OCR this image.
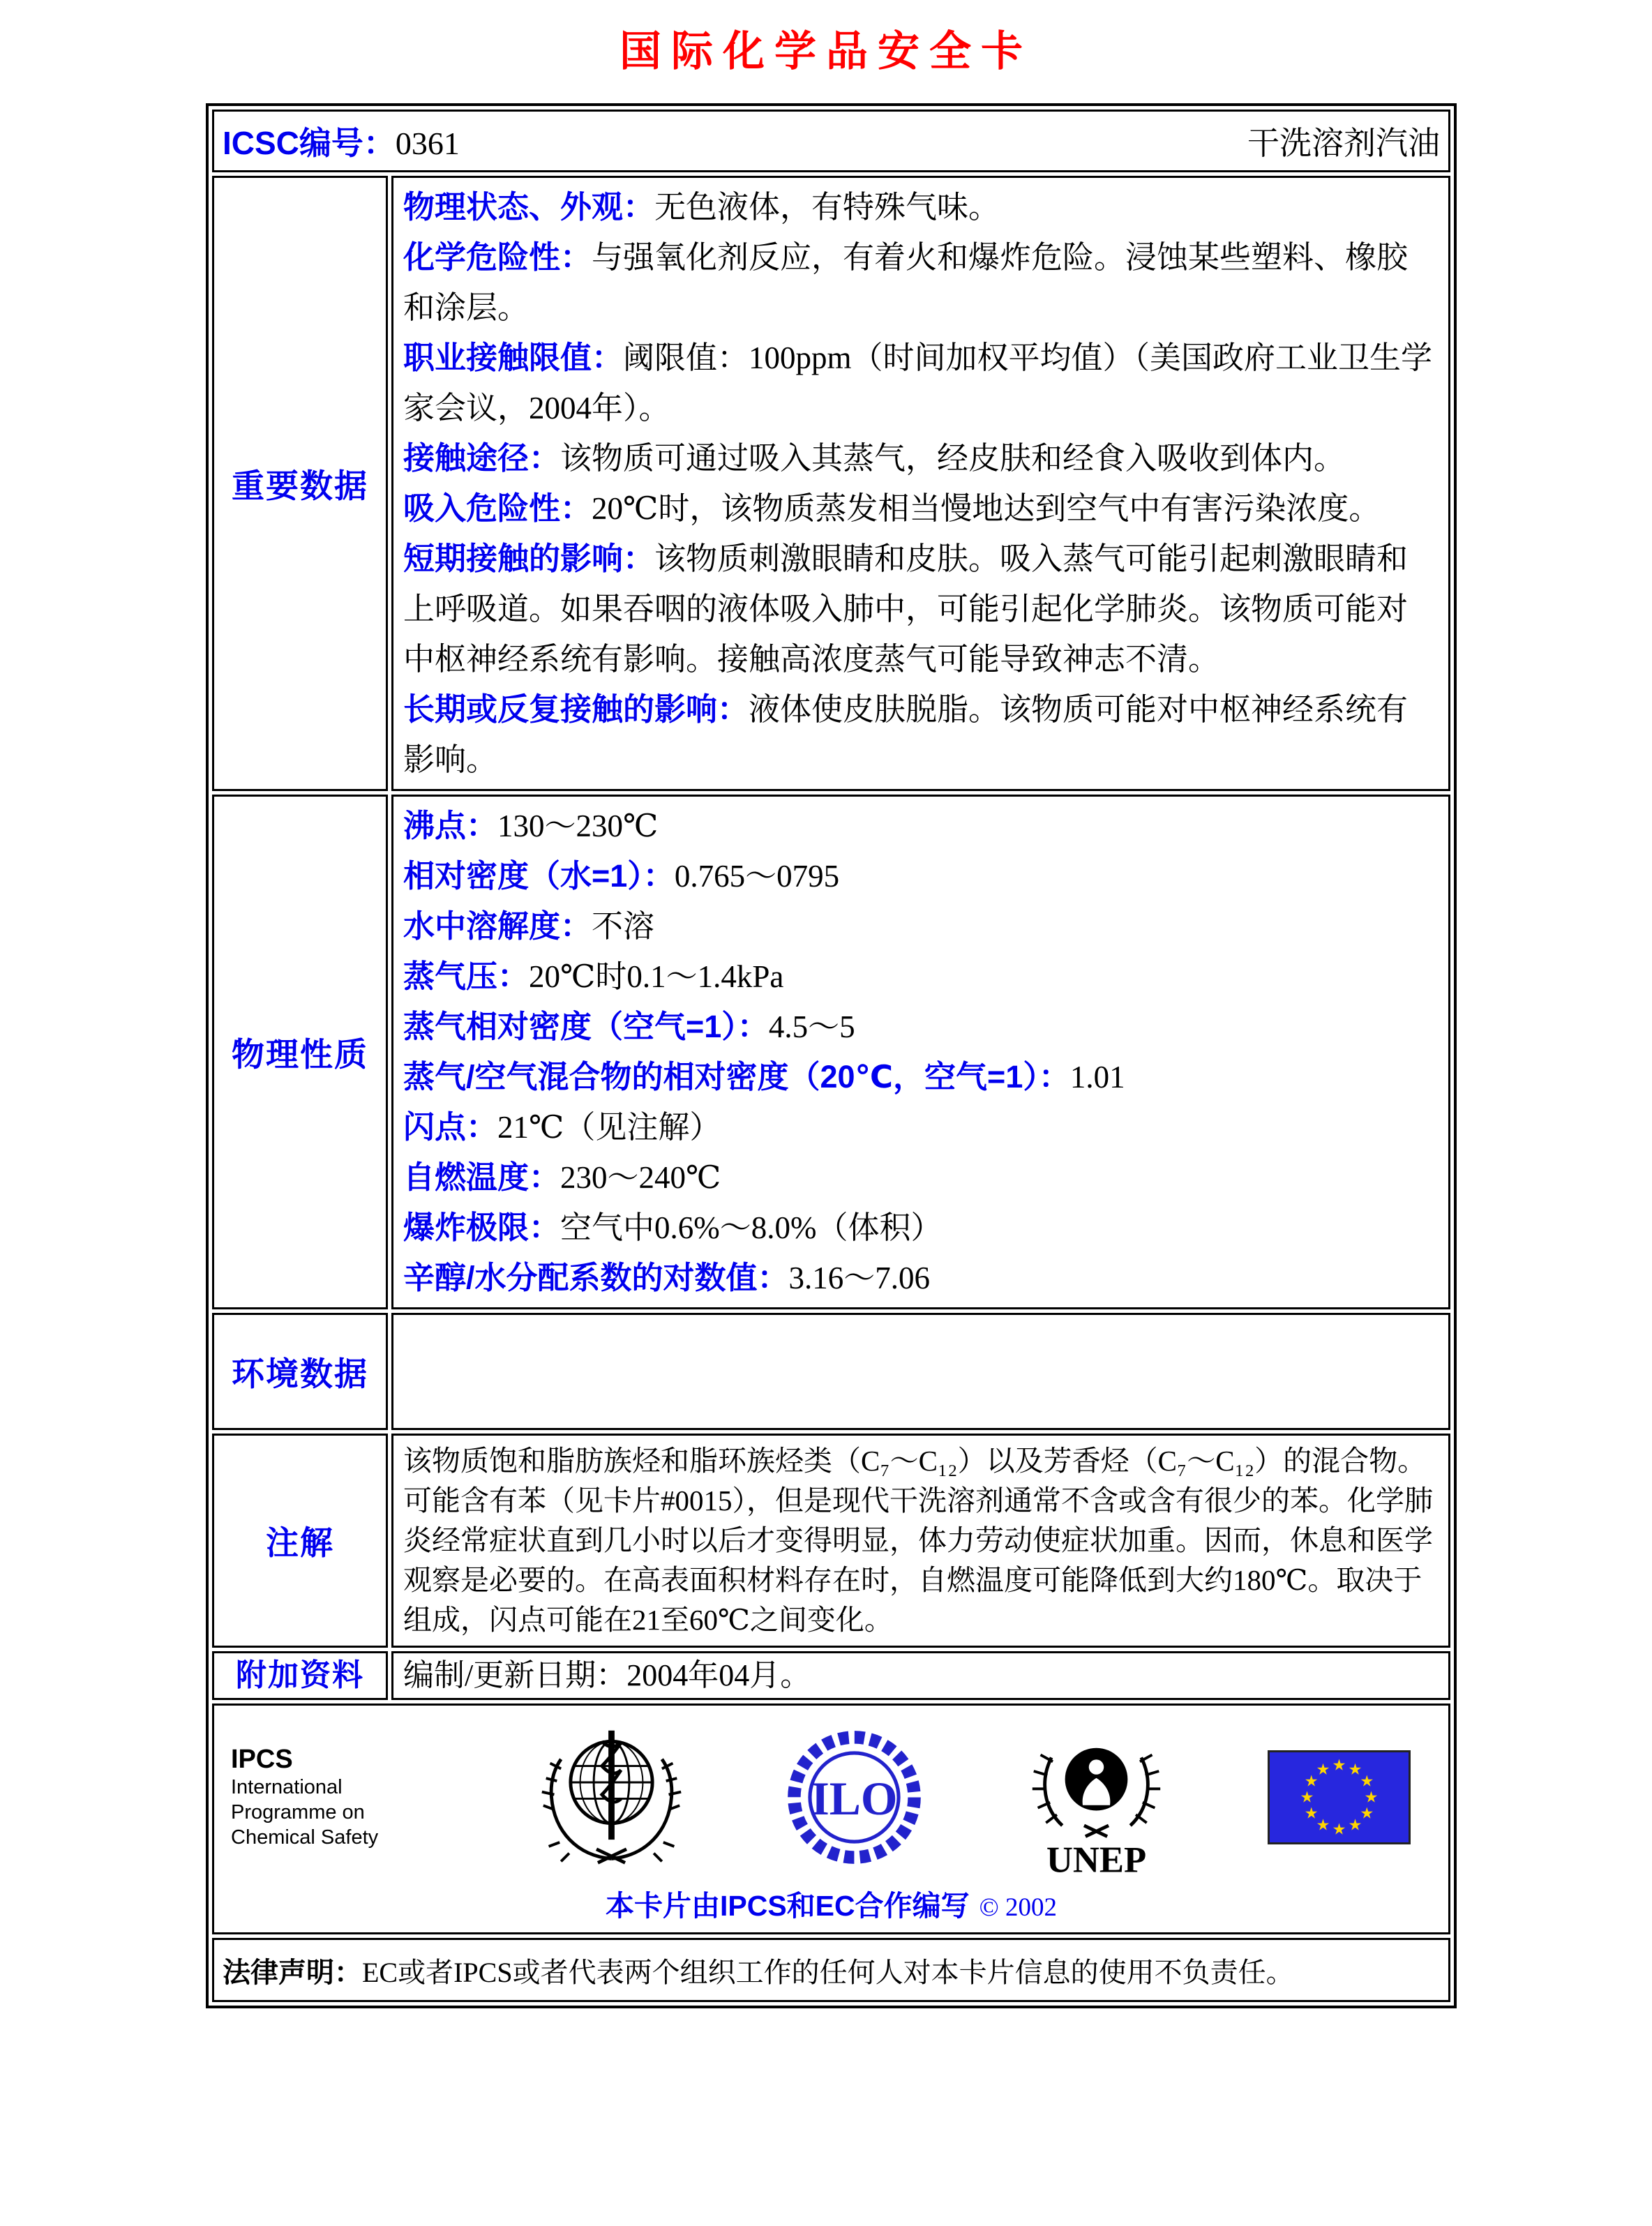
国际化学品安全卡
ICSC编号：0361 干洗溶剂汽油	

重要数据	
物理状态、外观：无色液体，有特殊气味。
化学危险性：与强氧化剂反应，有着火和爆炸危险。浸蚀某些塑料、橡胶和涂层。
职业接触限值：阈限值：100ppm（时间加权平均值）（美国政府工业卫生学家会议，2004年）。
接触途径：该物质可通过吸入其蒸气，经皮肤和经食入吸收到体内。
吸入危险性：20℃时，该物质蒸发相当慢地达到空气中有害污染浓度。
短期接触的影响：该物质刺激眼睛和皮肤。吸入蒸气可能引起刺激眼睛和上呼吸道。如果吞咽的液体吸入肺中，可能引起化学肺炎。该物质可能对中枢神经系统有影响。接触高浓度蒸气可能导致神志不清。
长期或反复接触的影响：液体使皮肤脱脂。该物质可能对中枢神经系统有影响。

物理性质	
沸点：130～230℃
相对密度（水=1）：0.765～0795
水中溶解度：不溶
蒸气压：20℃时0.1～1.4kPa
蒸气相对密度（空气=1）：4.5～5
蒸气/空气混合物的相对密度（20℃，空气=1）：1.01
闪点：21℃（见注解）
自燃温度：230～240℃
爆炸极限：空气中0.6%～8.0%（体积）
辛醇/水分配系数的对数值：3.16～7.06

环境数据	
注解	该物质饱和脂肪族烃和脂环族烃类（C₇～C₁₂）以及芳香烃（C₇～C₁₂）的混合物。可能含有苯（见卡片#0015），但是现代干洗溶剂通常不含或含有很少的苯。化学肺炎经常症状直到几小时以后才变得明显，体力劳动使症状加重。因而，休息和医学观察是必要的。在高表面积材料存在时，自燃温度可能降低到大约180℃。取决于组成，闪点可能在21至60℃之间变化。
附加资料	编制/更新日期：2004年04月。

IPCS
International
Programme on
Chemical Safety
ILO
UNEP
本卡片由IPCS和EC合作编写 © 2002

法律声明：EC或者IPCS或者代表两个组织工作的任何人对本卡片信息的使用不负责任。	
